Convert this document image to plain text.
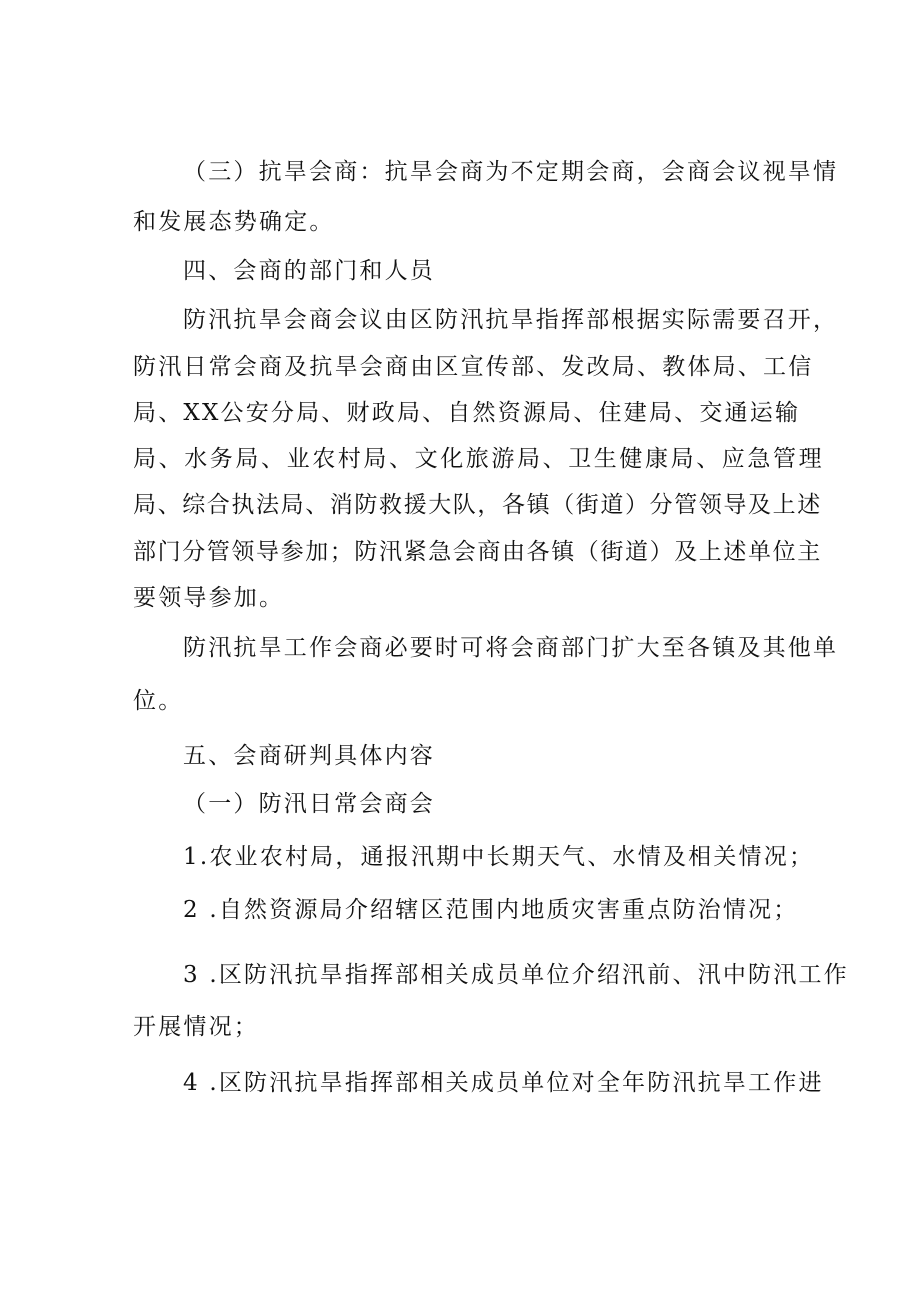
（三）抗旱会商：抗旱会商为不定期会商，会商会议视旱情
和发展态势确定。
四、会商的部门和人员
防汛抗旱会商会议由区防汛抗旱指挥部根据实际需要召开，
防汛日常会商及抗旱会商由区宣传部、发改局、教体局、工信
局、XX公安分局、财政局、自然资源局、住建局、交通运输
局、水务局、业农村局、文化旅游局、卫生健康局、应急管理
局、综合执法局、消防救援大队，各镇（街道）分管领导及上述
部门分管领导参加；防汛紧急会商由各镇（街道）及上述单位主
要领导参加。
防汛抗旱工作会商必要时可将会商部门扩大至各镇及其他单
位。
五、会商研判具体内容
（一）防汛日常会商会
1.农业农村局，通报汛期中长期天气、水情及相关情况；
2 .自然资源局介绍辖区范围内地质灾害重点防治情况；
3 .区防汛抗旱指挥部相关成员单位介绍汛前、汛中防汛工作
开展情况；
4 .区防汛抗旱指挥部相关成员单位对全年防汛抗旱工作进
